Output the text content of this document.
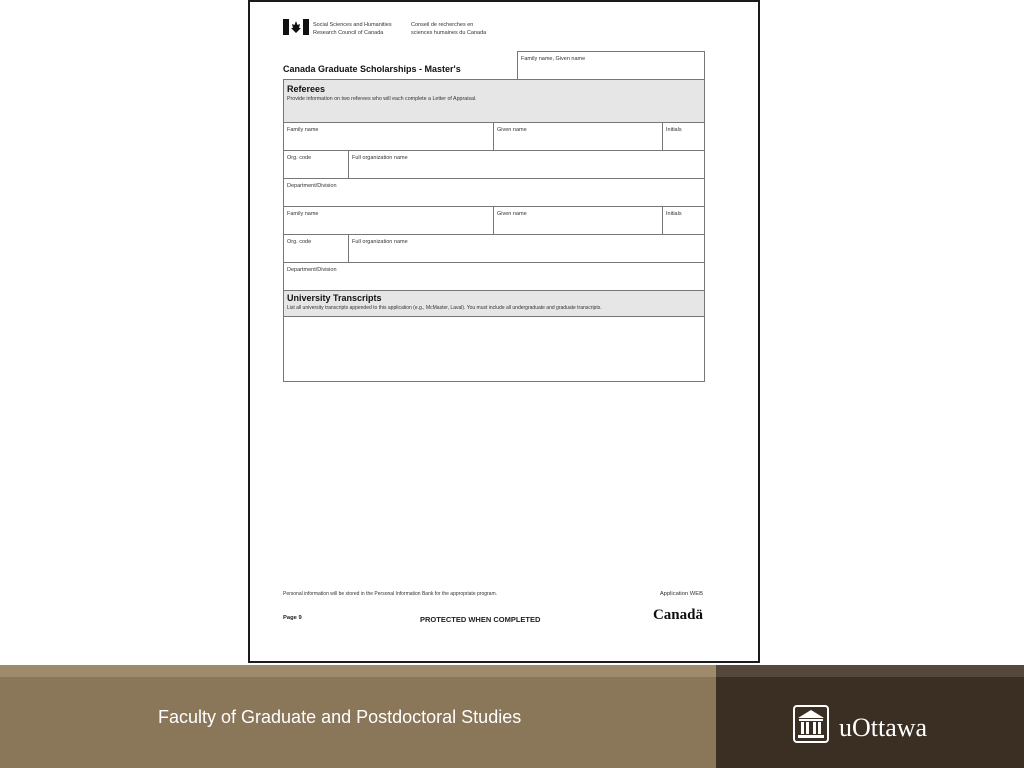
Social Sciences and Humanities
Research Council of Canada
Conseil de recherches en
sciences humaines du Canada
Family name, Given name
Canada Graduate Scholarships - Master's
Referees
Provide information on two referees who will each complete a Letter of Appraisal.
Family name	Given name	Initials
Org. code	Full organization name
Department/Division
Family name	Given name	Initials
Org. code	Full organization name
Department/Division
University Transcripts
List all university transcripts appended to this application (e.g., McMaster, Laval). You must include all undergraduate and graduate transcripts.
Personal information will be stored in the Personal Information Bank for the appropriate program.	Application WEB
Page 9	PROTECTED WHEN COMPLETED	Canadä
Faculty of Graduate and Postdoctoral Studies	uOttawa
